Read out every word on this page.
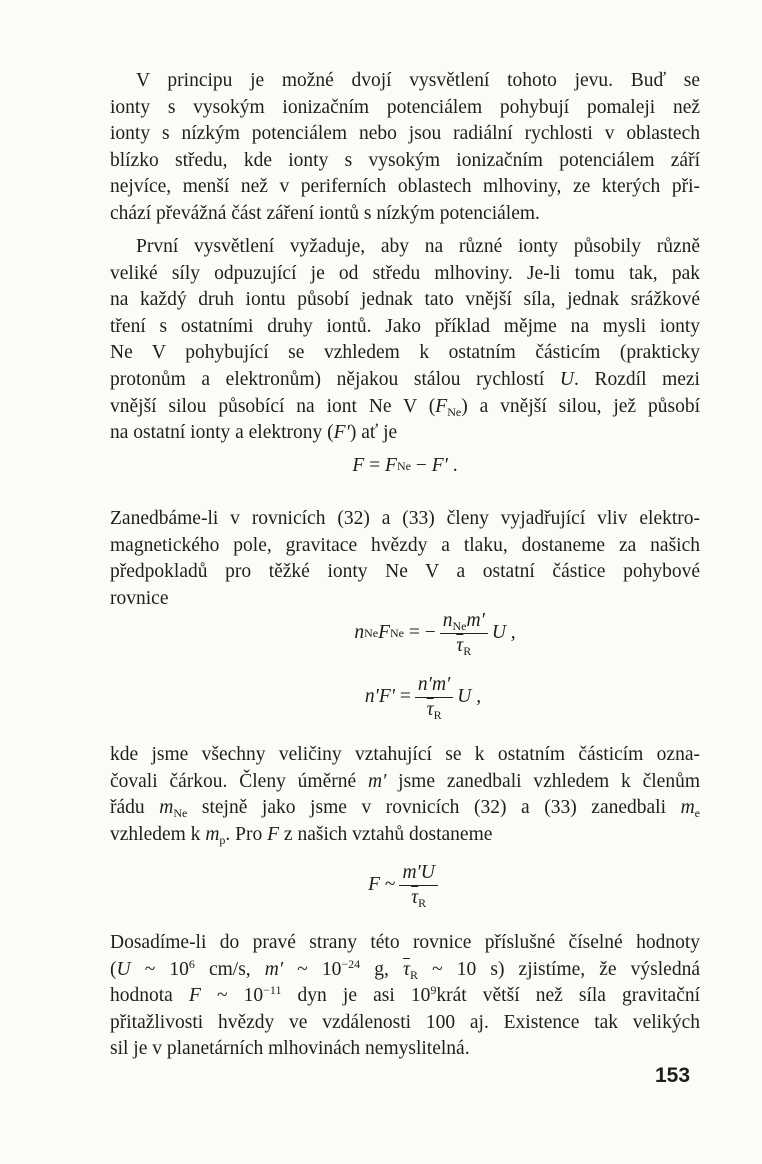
V principu je možné dvojí vysvětlení tohoto jevu. Buď se
ionty s vysokým ionizačním potenciálem pohybují pomaleji než
ionty s nízkým potenciálem nebo jsou radiální rychlosti v oblastech
blízko středu, kde ionty s vysokým ionizačním potenciálem září
nejvíce, menší než v periferních oblastech mlhoviny, ze kterých při-
chází převážná část záření iontů s nízkým potenciálem.
První vysvětlení vyžaduje, aby na různé ionty působily různě
veliké síly odpuzující je od středu mlhoviny. Je-li tomu tak, pak
na každý druh iontu působí jednak tato vnější síla, jednak srážkové
tření s ostatními druhy iontů. Jako příklad mějme na mysli ionty
Ne V pohybující se vzhledem k ostatním částicím (prakticky
protonům a elektronům) nějakou stálou rychlostí U. Rozdíl mezi
vnější silou působící na iont Ne V $(F_{Ne})$ a vnější silou, jež působí
na ostatní ionty a elektrony (F′) ať je
F
=
F Ne
−
F′
.
Zanedbáme-li v rovnicích (32) a (33) členy vyjadřující vliv elektro-
magnetického pole, gravitace hvězdy a tlaku, dostaneme za našich
předpokladů pro těžké ionty Ne V a ostatní částice pohybové
rovnice
n Ne F Ne
= − $\frac{n_{Ne}m'}{\overline{\tau}_R}$ U ,
n′F′
= $\frac{n'm'}{\overline{\tau}_R}$ U ,
kde jsme všechny veličiny vztahující se k ostatním částicím ozna-
čovali čárkou. Členy úměrné m′ jsme zanedbali vzhledem k členům
řádu $m_{Ne}$ stejně jako jsme v rovnicích (32) a (33) zanedbali $m_e$
vzhledem k $m_p$. Pro F z našich vztahů dostaneme
F
~ $\frac{m'U}{\overline{\tau}_R}$
Dosadíme-li do pravé strany této rovnice příslušné číselné hodnoty
(U ~ $10^6$ cm/s, m′ ~ $10^{-24}$ g, $\overline{\tau}_R$ ~ 10 s) zjistíme, že výsledná
hodnota F ~ $10^{-11}$ dyn je asi $10^9krát$ větší než síla gravitační
přitažlivosti hvězdy ve vzdálenosti 100 aj. Existence tak velikých
sil je v planetárních mlhovinách nemyslitelná.
153
